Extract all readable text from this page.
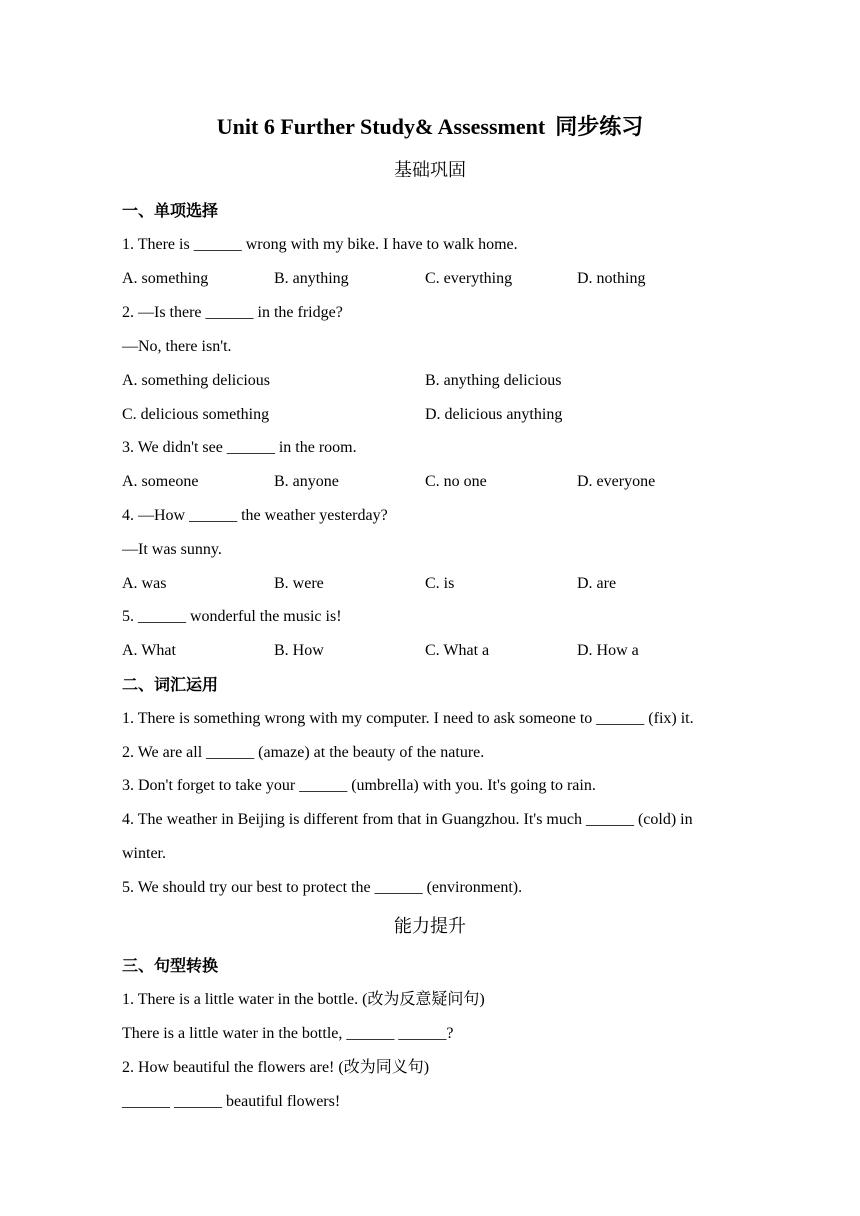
Unit 6 Further Study& Assessment 同步练习
基础巩固
一、单项选择
1. There is ______ wrong with my bike. I have to walk home.
A. something	B. anything	C. everything	D. nothing
2. —Is there ______ in the fridge?
—No, there isn't.
A. something delicious	B. anything delicious
C. delicious something	D. delicious anything
3. We didn't see ______ in the room.
A. someone	B. anyone	C. no one	D. everyone
4. —How ______ the weather yesterday?
—It was sunny.
A. was	B. were	C. is	D. are
5. ______ wonderful the music is!
A. What	B. How	C. What a	D. How a
二、词汇运用
1. There is something wrong with my computer. I need to ask someone to ______ (fix) it.
2. We are all ______ (amaze) at the beauty of the nature.
3. Don't forget to take your ______ (umbrella) with you. It's going to rain.
4. The weather in Beijing is different from that in Guangzhou. It's much ______ (cold) in
winter.
5. We should try our best to protect the ______ (environment).
能力提升
三、句型转换
1. There is a little water in the bottle. (改为反意疑问句)
There is a little water in the bottle, ______ ______?
2. How beautiful the flowers are! (改为同义句)
______ ______ beautiful flowers!
